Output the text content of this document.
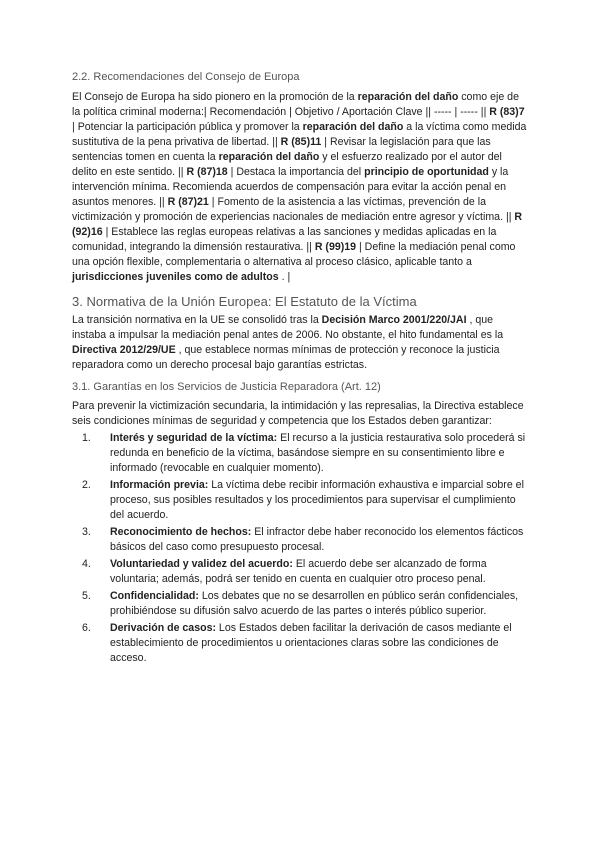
2.2. Recomendaciones del Consejo de Europa

El Consejo de Europa ha sido pionero en la promoción de la reparación del daño como eje de la política criminal moderna:| Recomendación | Objetivo / Aportación Clave || ----- | ----- || R (83)7 | Potenciar la participación pública y promover la reparación del daño a la víctima como medida sustitutiva de la pena privativa de libertad. || R (85)11 | Revisar la legislación para que las sentencias tomen en cuenta la reparación del daño y el esfuerzo realizado por el autor del delito en este sentido. || R (87)18 | Destaca la importancia del principio de oportunidad y la intervención mínima. Recomienda acuerdos de compensación para evitar la acción penal en asuntos menores. || R (87)21 | Fomento de la asistencia a las víctimas, prevención de la victimización y promoción de experiencias nacionales de mediación entre agresor y víctima. || R (92)16 | Establece las reglas europeas relativas a las sanciones y medidas aplicadas en la comunidad, integrando la dimensión restaurativa. || R (99)19 | Define la mediación penal como una opción flexible, complementaria o alternativa al proceso clásico, aplicable tanto a jurisdicciones juveniles como de adultos . |

3. Normativa de la Unión Europea: El Estatuto de la Víctima

La transición normativa en la UE se consolidó tras la Decisión Marco 2001/220/JAI , que instaba a impulsar la mediación penal antes de 2006. No obstante, el hito fundamental es la Directiva 2012/29/UE , que establece normas mínimas de protección y reconoce la justicia reparadora como un derecho procesal bajo garantías estrictas.

3.1. Garantías en los Servicios de Justicia Reparadora (Art. 12)

Para prevenir la victimización secundaria, la intimidación y las represalias, la Directiva establece seis condiciones mínimas de seguridad y competencia que los Estados deben garantizar:

1. Interés y seguridad de la víctima: El recurso a la justicia restaurativa solo procederá si redunda en beneficio de la víctima, basándose siempre en su consentimiento libre e informado (revocable en cualquier momento).
2. Información previa: La víctima debe recibir información exhaustiva e imparcial sobre el proceso, sus posibles resultados y los procedimientos para supervisar el cumplimiento del acuerdo.
3. Reconocimiento de hechos: El infractor debe haber reconocido los elementos fácticos básicos del caso como presupuesto procesal.
4. Voluntariedad y validez del acuerdo: El acuerdo debe ser alcanzado de forma voluntaria; además, podrá ser tenido en cuenta en cualquier otro proceso penal.
5. Confidencialidad: Los debates que no se desarrollen en público serán confidenciales, prohibiéndose su difusión salvo acuerdo de las partes o interés público superior.
6. Derivación de casos: Los Estados deben facilitar la derivación de casos mediante el establecimiento de procedimientos u orientaciones claras sobre las condiciones de acceso.
